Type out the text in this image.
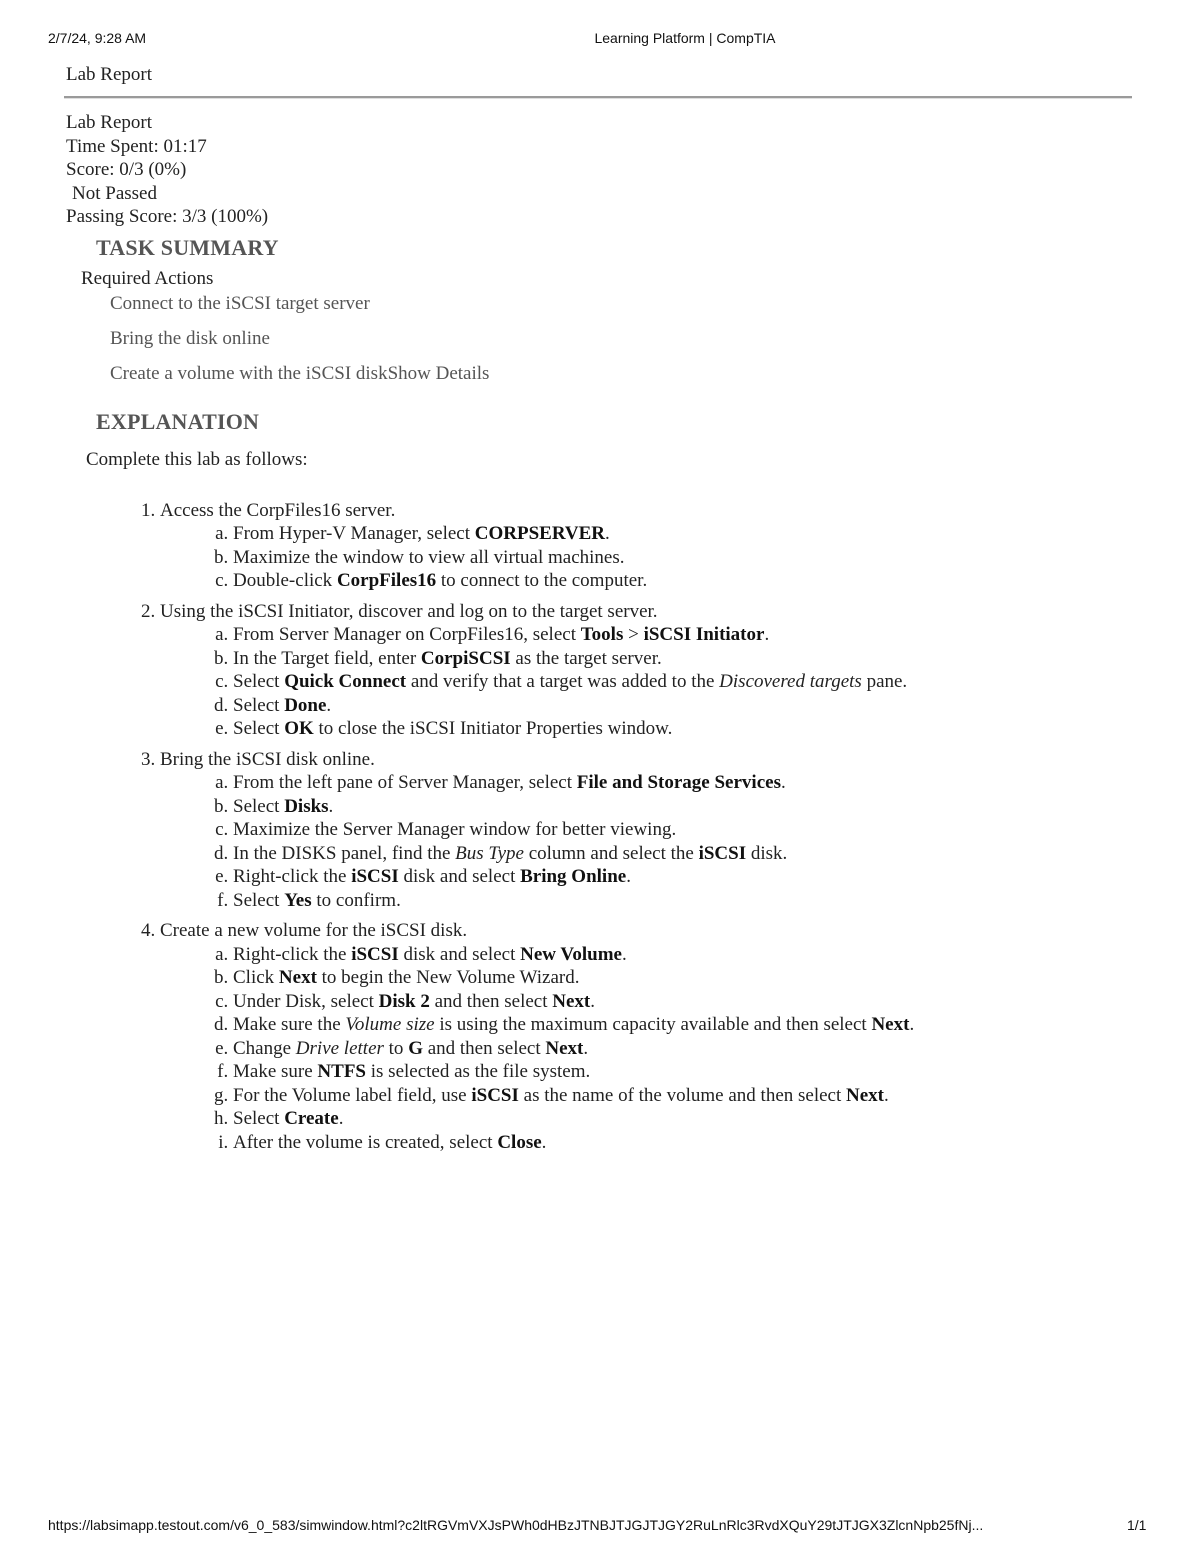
2/7/24, 9:28 AM	Learning Platform | CompTIA

Lab Report

Lab Report

Time Spent: 01:17

Score: 0/3 (0%)

Not Passed

Passing Score: 3/3 (100%)

TASK SUMMARY
Required Actions
Connect to the iSCSI target server
Bring the disk online
Create a volume with the iSCSI diskShow Details
EXPLANATION
Complete this lab as follows:
1. Access the CorpFiles16 server.
a. From Hyper-V Manager, select CORPSERVER.
b. Maximize the window to view all virtual machines.
c. Double-click CorpFiles16 to connect to the computer.
2. Using the iSCSI Initiator, discover and log on to the target server.
a. From Server Manager on CorpFiles16, select Tools > iSCSI Initiator.
b. In the Target field, enter CorpiSCSI as the target server.
c. Select Quick Connect and verify that a target was added to the Discovered targets pane.
d. Select Done.
e. Select OK to close the iSCSI Initiator Properties window.
3. Bring the iSCSI disk online.
a. From the left pane of Server Manager, select File and Storage Services.
b. Select Disks.
c. Maximize the Server Manager window for better viewing.
d. In the DISKS panel, find the Bus Type column and select the iSCSI disk.
e. Right-click the iSCSI disk and select Bring Online.
f. Select Yes to confirm.
4. Create a new volume for the iSCSI disk.
a. Right-click the iSCSI disk and select New Volume.
b. Click Next to begin the New Volume Wizard.
c. Under Disk, select Disk 2 and then select Next.
d. Make sure the Volume size is using the maximum capacity available and then select Next.
e. Change Drive letter to G and then select Next.
f. Make sure NTFS is selected as the file system.
g. For the Volume label field, use iSCSI as the name of the volume and then select Next.
h. Select Create.
i. After the volume is created, select Close.
https://labsimapp.testout.com/v6_0_583/simwindow.html?c2ltRGVmVXJsPWh0dHBzJTNBJTJGJTJGY2RuLnRlc3RvdXQuY29tJTJGX3ZlcnNpb25fNj...	1/1
